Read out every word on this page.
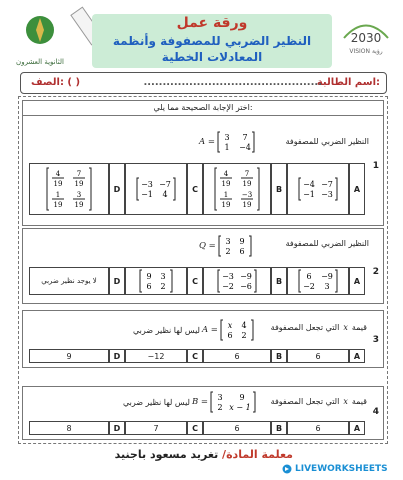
2030
VISION رؤية
الثانوية العشرون
ورقة عمل
النظير الضربي للمصفوفة وأنظمة
المعادلات الخطية
اسم الطالبة:
...............................................
الصف: ( )
اختر الإجابة الصحيحة مما يلي:
1
النظير الضربي للمصفوفة
A = 3 7
1 −4
A
−4 −7
−1 −3
B
4
19
7
19
1
19
−3
19
C
−3 −7
−1 4
D
4
19
7
19
1
19
3
19
2
النظير الضربي للمصفوفة
Q = 3 9
2 6
A
6 −9
−2 3
B
−3 −9
−2 −6
C
9 3
6 2
D
لا يوجد نظير ضربي
3
قيمة
x
التي تجعل المصفوفة
ليس لها نظير ضربي A = x 4
6 2
A
6
B
6
C
−12
D
9
4
قيمة
x
التي تجعل المصفوفة
ليس لها نظير ضربي B = 3 9
2 x − 1
A
6
B
6
C
7
D
8
معلمة المادة/ تغريد مسعود باجنيد
LIVEWORKSHEETS
